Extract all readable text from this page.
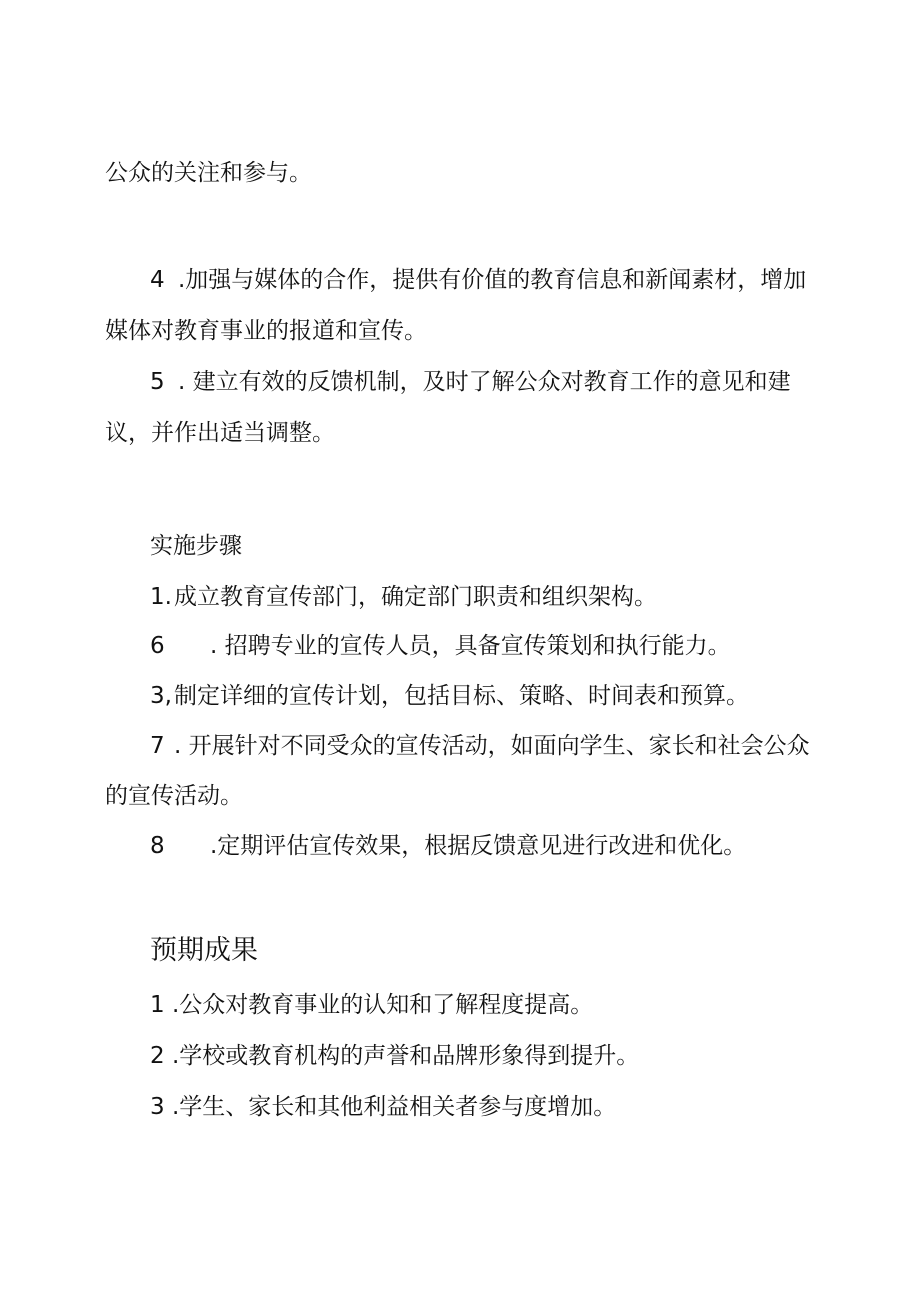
公众的关注和参与。
4 .加强与媒体的合作，提供有价值的教育信息和新闻素材，增加
媒体对教育事业的报道和宣传。
5 . 建立有效的反馈机制，及时了解公众对教育工作的意见和建
议，并作出适当调整。
实施步骤
1.成立教育宣传部门，确定部门职责和组织架构。
6 . 招聘专业的宣传人员，具备宣传策划和执行能力。
3,制定详细的宣传计划，包括目标、策略、时间表和预算。
7 . 开展针对不同受众的宣传活动，如面向学生、家长和社会公众
的宣传活动。
8 .定期评估宣传效果，根据反馈意见进行改进和优化。
预期成果
1 .公众对教育事业的认知和了解程度提高。
2 .学校或教育机构的声誉和品牌形象得到提升。
3 .学生、家长和其他利益相关者参与度增加。
